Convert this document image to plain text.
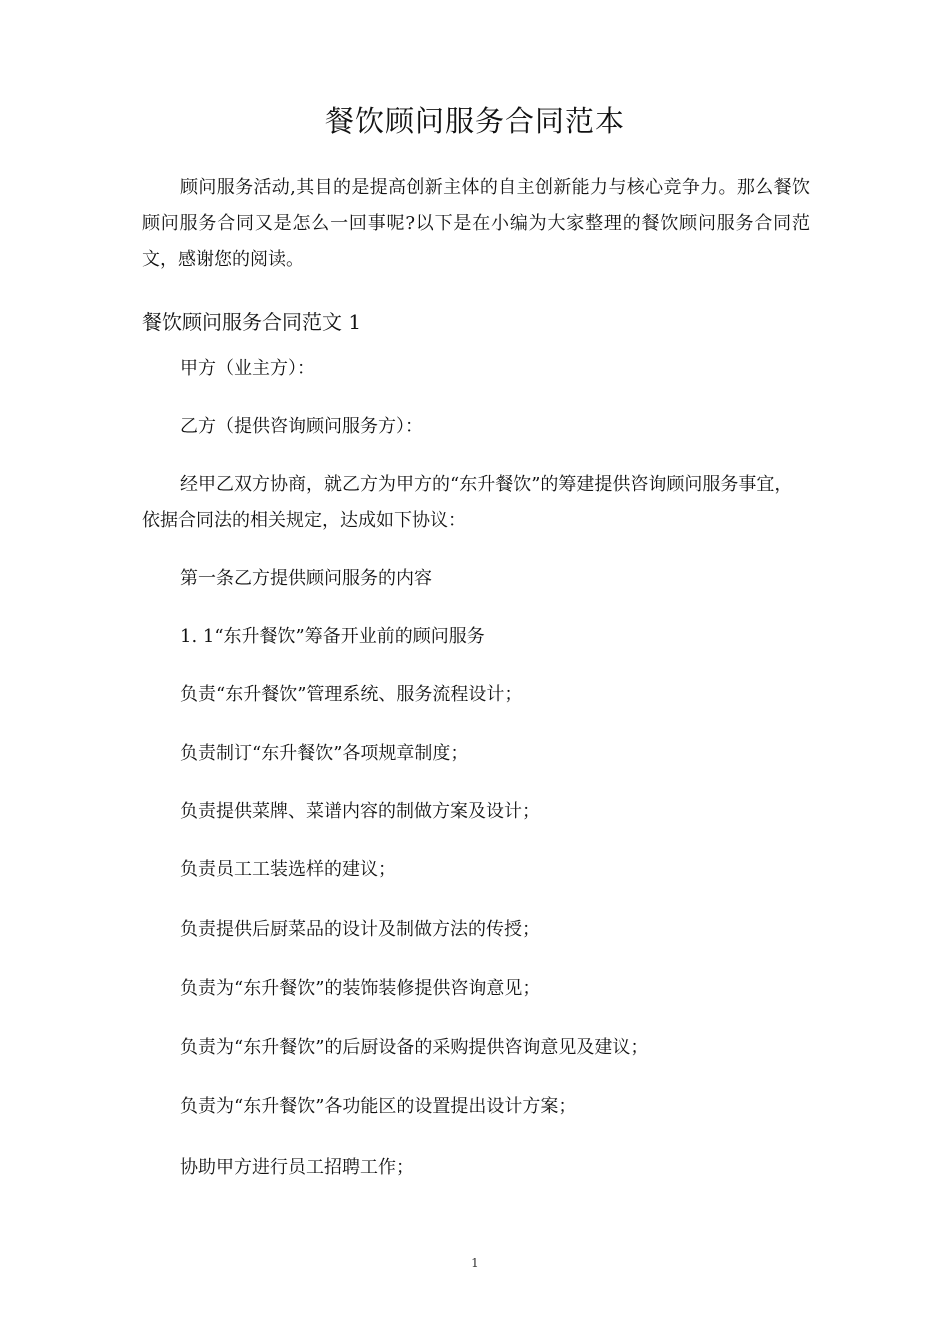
餐饮顾问服务合同范本
顾问服务活动,其目的是提高创新主体的自主创新能力与核心竞争力。那么餐饮顾问服务合同又是怎么一回事呢?以下是在小编为大家整理的餐饮顾问服务合同范文，感谢您的阅读。
餐饮顾问服务合同范文 1
甲方（业主方）：
乙方（提供咨询顾问服务方）：
经甲乙双方协商，就乙方为甲方的“东升餐饮”的筹建提供咨询顾问服务事宜，依据合同法的相关规定，达成如下协议：
第一条乙方提供顾问服务的内容
1. 1“东升餐饮”筹备开业前的顾问服务
负责“东升餐饮”管理系统、服务流程设计；
负责制订“东升餐饮”各项规章制度；
负责提供菜牌、菜谱内容的制做方案及设计；
负责员工工装选样的建议；
负责提供后厨菜品的设计及制做方法的传授；
负责为“东升餐饮”的装饰装修提供咨询意见；
负责为“东升餐饮”的后厨设备的采购提供咨询意见及建议；
负责为“东升餐饮”各功能区的设置提出设计方案；
协助甲方进行员工招聘工作；
1
